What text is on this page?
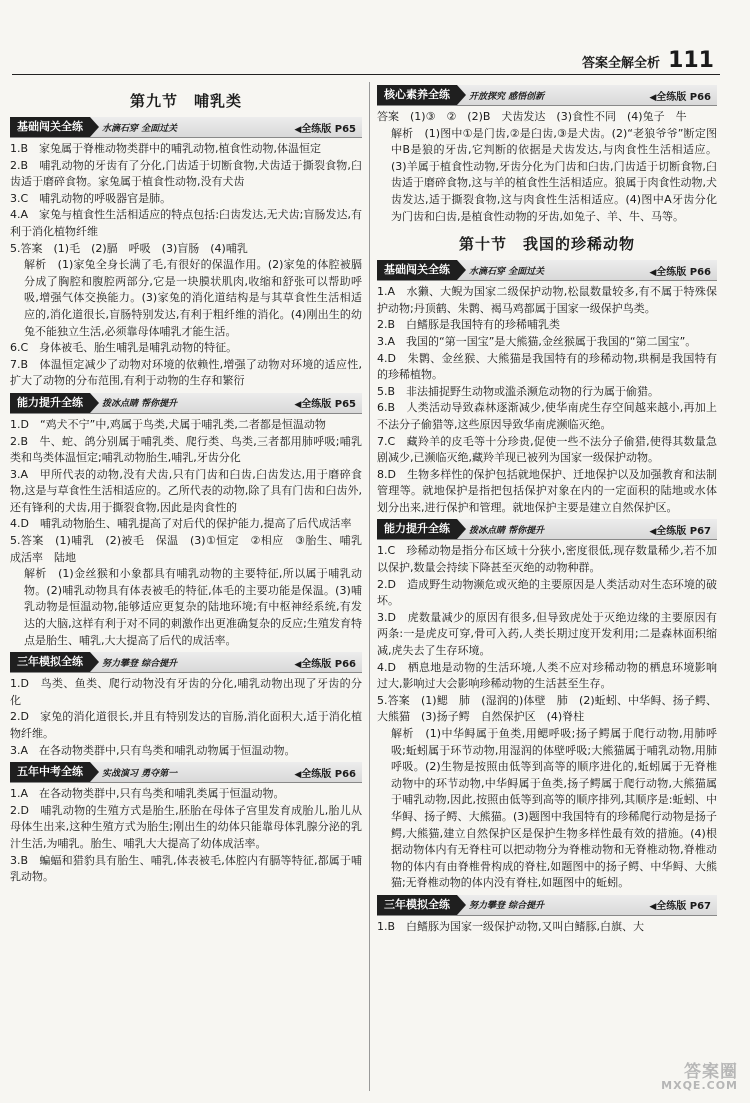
答案全解全析 111
第九节　哺乳类
基础闯关全练	水滴石穿 全面过关	◀全练版 P65

1.B　家兔属于脊椎动物类群中的哺乳动物,植食性动物,体温恒定

2.B　哺乳动物的牙齿有了分化,门齿适于切断食物,犬齿适于撕裂食物,臼齿适于磨碎食物。家兔属于植食性动物,没有犬齿

3.C　哺乳动物的呼吸器官是肺。

4.A　家兔与植食性生活相适应的特点包括:臼齿发达,无犬齿;盲肠发达,有利于消化植物纤维

5.答案　(1)毛　(2)膈　呼吸　(3)盲肠　(4)哺乳

解析　(1)家兔全身长满了毛,有很好的保温作用。(2)家兔的体腔被膈分成了胸腔和腹腔两部分,它是一块膜状肌肉,收缩和舒张可以帮助呼吸,增强气体交换能力。(3)家兔的消化道结构是与其草食性生活相适应的,消化道很长,盲肠特别发达,有利于粗纤维的消化。(4)刚出生的幼兔不能独立生活,必须靠母体哺乳才能生活。

6.C　身体被毛、胎生哺乳是哺乳动物的特征。

7.B　体温恒定减少了动物对环境的依赖性,增强了动物对环境的适应性,扩大了动物的分布范围,有利于动物的生存和繁衍

能力提升全练	拨冰点睛 帮你提升	◀全练版 P65

1.D　“鸡犬不宁”中,鸡属于鸟类,犬属于哺乳类,二者都是恒温动物

2.B　牛、蛇、鸽分别属于哺乳类、爬行类、鸟类,三者都用肺呼吸;哺乳类和鸟类体温恒定;哺乳动物胎生,哺乳,牙齿分化

3.A　甲所代表的动物,没有犬齿,只有门齿和臼齿,臼齿发达,用于磨碎食物,这是与草食性生活相适应的。乙所代表的动物,除了具有门齿和臼齿外,还有锋利的犬齿,用于撕裂食物,因此是肉食性的

4.D　哺乳动物胎生、哺乳提高了对后代的保护能力,提高了后代成活率

5.答案　(1)哺乳　(2)被毛　保温　(3)①恒定　②相应　③胎生、哺乳　成活率　陆地

解析　(1)金丝猴和小象都具有哺乳动物的主要特征,所以属于哺乳动物。(2)哺乳动物具有体表被毛的特征,体毛的主要功能是保温。(3)哺乳动物是恒温动物,能够适应更复杂的陆地环境;有中枢神经系统,有发达的大脑,这样有利于对不同的刺激作出更准确复杂的反应;生殖发育特点是胎生、哺乳,大大提高了后代的成活率。

三年模拟全练	努力攀登 综合提升	◀全练版 P66

1.D　鸟类、鱼类、爬行动物没有牙齿的分化,哺乳动物出现了牙齿的分化

2.D　家兔的消化道很长,并且有特别发达的盲肠,消化面积大,适于消化植物纤维。

3.A　在各动物类群中,只有鸟类和哺乳动物属于恒温动物。

五年中考全练	实战演习 勇夺第一	◀全练版 P66

1.A　在各动物类群中,只有鸟类和哺乳类属于恒温动物。

2.D　哺乳动物的生殖方式是胎生,胚胎在母体子宫里发育成胎儿,胎儿从母体生出来,这种生殖方式为胎生;刚出生的幼体只能靠母体乳腺分泌的乳汁生活,为哺乳。胎生、哺乳大大提高了幼体成活率。

3.B　蝙蝠和猎豹具有胎生、哺乳,体表被毛,体腔内有膈等特征,都属于哺乳动物。

核心素养全练	开放探究 感悟创新	◀全练版 P66

答案　(1)③　②　(2)B　犬齿发达　(3)食性不同　(4)兔子　牛

解析　(1)图中①是门齿,②是臼齿,③是犬齿。(2)“老狼爷爷”断定图中B是狼的牙齿,它判断的依据是犬齿发达,与肉食性生活相适应。(3)羊属于植食性动物,牙齿分化为门齿和臼齿,门齿适于切断食物,臼齿适于磨碎食物,这与羊的植食性生活相适应。狼属于肉食性动物,犬齿发达,适于撕裂食物,这与肉食性生活相适应。(4)图中A牙齿分化为门齿和臼齿,是植食性动物的牙齿,如兔子、羊、牛、马等。

第十节　我国的珍稀动物
基础闯关全练	水滴石穿 全面过关	◀全练版 P66

1.A　水獭、大鲵为国家二级保护动物,松鼠数量较多,有不属于特殊保护动物;丹顶鹤、朱鹮、褐马鸡都属于国家一级保护鸟类。

2.B　白鳍豚是我国特有的珍稀哺乳类

3.A　我国的“第一国宝”是大熊猫,金丝猴属于我国的“第二国宝”。

4.D　朱鹮、金丝猴、大熊猫是我国特有的珍稀动物,珙桐是我国特有的珍稀植物。

5.B　非法捕捉野生动物或滥杀濒危动物的行为属于偷猎。

6.B　人类活动导致森林逐渐减少,使华南虎生存空间越来越小,再加上不法分子偷猎等,这些原因导致华南虎濒临灭绝。

7.C　藏羚羊的皮毛等十分珍贵,促使一些不法分子偷猎,使得其数量急剧减少,已濒临灭绝,藏羚羊现已被列为国家一级保护动物。

8.D　生物多样性的保护包括就地保护、迁地保护以及加强教育和法制管理等。就地保护是指把包括保护对象在内的一定面积的陆地或水体划分出来,进行保护和管理。就地保护主要是建立自然保护区。

能力提升全练	拨冰点睛 帮你提升	◀全练版 P67

1.C　珍稀动物是指分布区域十分狭小,密度很低,现存数量稀少,若不加以保护,数量会持续下降甚至灭绝的动物种群。

2.D　造成野生动物濒危或灭绝的主要原因是人类活动对生态环境的破坏。

3.D　虎数量减少的原因有很多,但导致虎处于灭绝边缘的主要原因有两条:一是虎皮可穿,骨可入药,人类长期过度开发利用;二是森林面积缩减,虎失去了生存环境。

4.D　栖息地是动物的生活环境,人类不应对珍稀动物的栖息环境影响过大,影响过大会影响珍稀动物的生活甚至生存。

5.答案　(1)鳃　肺　(湿润的)体壁　肺　(2)蚯蚓、中华鲟、扬子鳄、大熊猫　(3)扬子鳄　自然保护区　(4)脊柱

解析　(1)中华鲟属于鱼类,用鳃呼吸;扬子鳄属于爬行动物,用肺呼吸;蚯蚓属于环节动物,用湿润的体壁呼吸;大熊猫属于哺乳动物,用肺呼吸。(2)生物是按照由低等到高等的顺序进化的,蚯蚓属于无脊椎动物中的环节动物,中华鲟属于鱼类,扬子鳄属于爬行动物,大熊猫属于哺乳动物,因此,按照由低等到高等的顺序排列,其顺序是:蚯蚓、中华鲟、扬子鳄、大熊猫。(3)题图中我国特有的珍稀爬行动物是扬子鳄,大熊猫,建立自然保护区是保护生物多样性最有效的措施。(4)根据动物体内有无脊柱可以把动物分为脊椎动物和无脊椎动物,脊椎动物的体内有由脊椎骨构成的脊柱,如题图中的扬子鳄、中华鲟、大熊猫;无脊椎动物的体内没有脊柱,如题图中的蚯蚓。

三年模拟全练	努力攀登 综合提升	◀全练版 P67

1.B　白鳍豚为国家一级保护动物,又叫白鳍豚,白旗、大

答案圈
MXQE.COM
